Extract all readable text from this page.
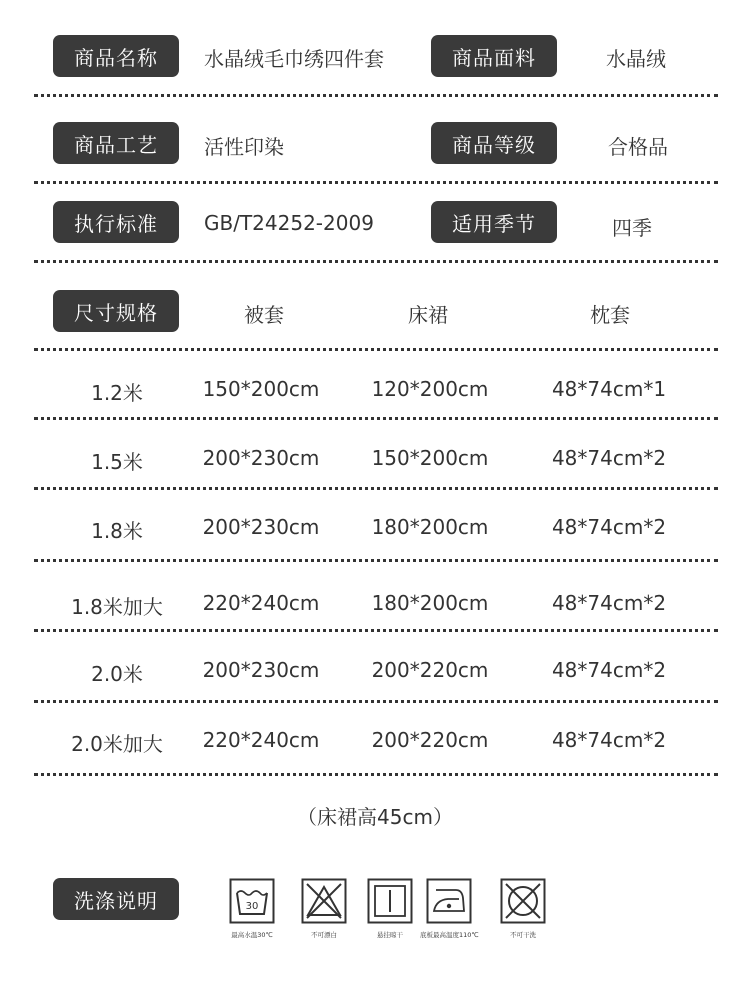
商品名称	水晶绒毛巾绣四件套	商品面料	水晶绒
商品工艺	活性印染	商品等级	合格品
执行标准	GB/T24252-2009	适用季节	四季
尺寸规格	被套	床裙	枕套
1.2米	150*200cm	120*200cm	48*74cm*1
1.5米	200*230cm	150*200cm	48*74cm*2
1.8米	200*230cm	180*200cm	48*74cm*2
1.8米加大 220*240cm	180*200cm	48*74cm*2
2.0米	200*230cm	200*220cm	48*74cm*2
2.0米加大 220*240cm	200*220cm	48*74cm*2
（床裙高45cm）
洗涤说明	30
最高水温30℃	不可漂白	悬挂晾干	底板最高温度110℃	不可干洗
